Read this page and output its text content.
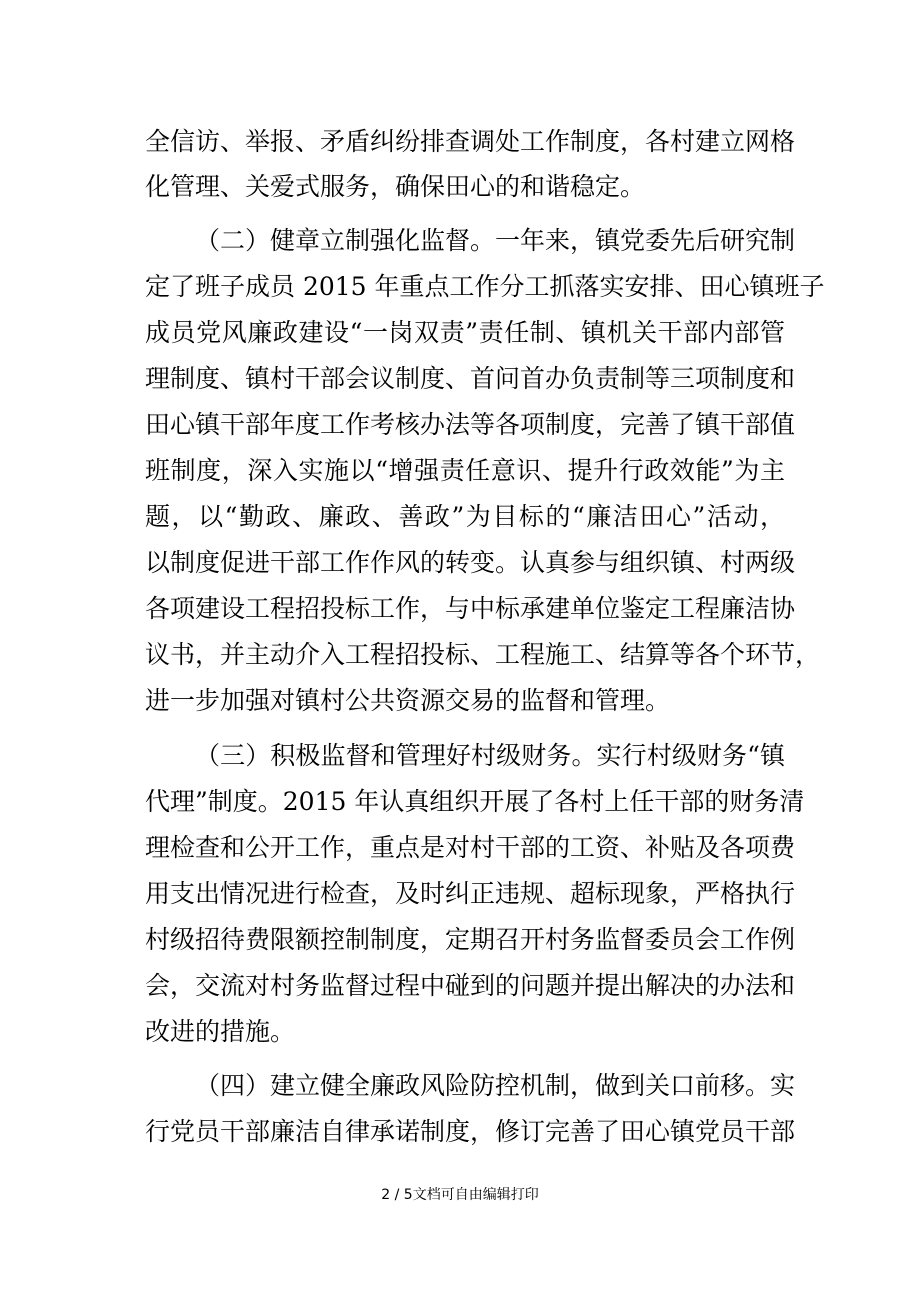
全信访、举报、矛盾纠纷排查调处工作制度，各村建立网格
化管理、关爱式服务，确保田心的和谐稳定。
（二）健章立制强化监督。一年来，镇党委先后研究制
定了班子成员 2015 年重点工作分工抓落实安排、田心镇班子
成员党风廉政建设“一岗双责”责任制、镇机关干部内部管
理制度、镇村干部会议制度、首问首办负责制等三项制度和
田心镇干部年度工作考核办法等各项制度，完善了镇干部值
班制度，深入实施以“增强责任意识、提升行政效能”为主
题，以“勤政、廉政、善政”为目标的“廉洁田心”活动，
以制度促进干部工作作风的转变。认真参与组织镇、村两级
各项建设工程招投标工作，与中标承建单位鉴定工程廉洁协
议书，并主动介入工程招投标、工程施工、结算等各个环节，
进一步加强对镇村公共资源交易的监督和管理。
（三）积极监督和管理好村级财务。实行村级财务“镇
代理”制度。2015 年认真组织开展了各村上任干部的财务清
理检查和公开工作，重点是对村干部的工资、补贴及各项费
用支出情况进行检查，及时纠正违规、超标现象，严格执行
村级招待费限额控制制度，定期召开村务监督委员会工作例
会，交流对村务监督过程中碰到的问题并提出解决的办法和
改进的措施。
（四）建立健全廉政风险防控机制，做到关口前移。实
行党员干部廉洁自律承诺制度，修订完善了田心镇党员干部
2 / 5文档可自由编辑打印
